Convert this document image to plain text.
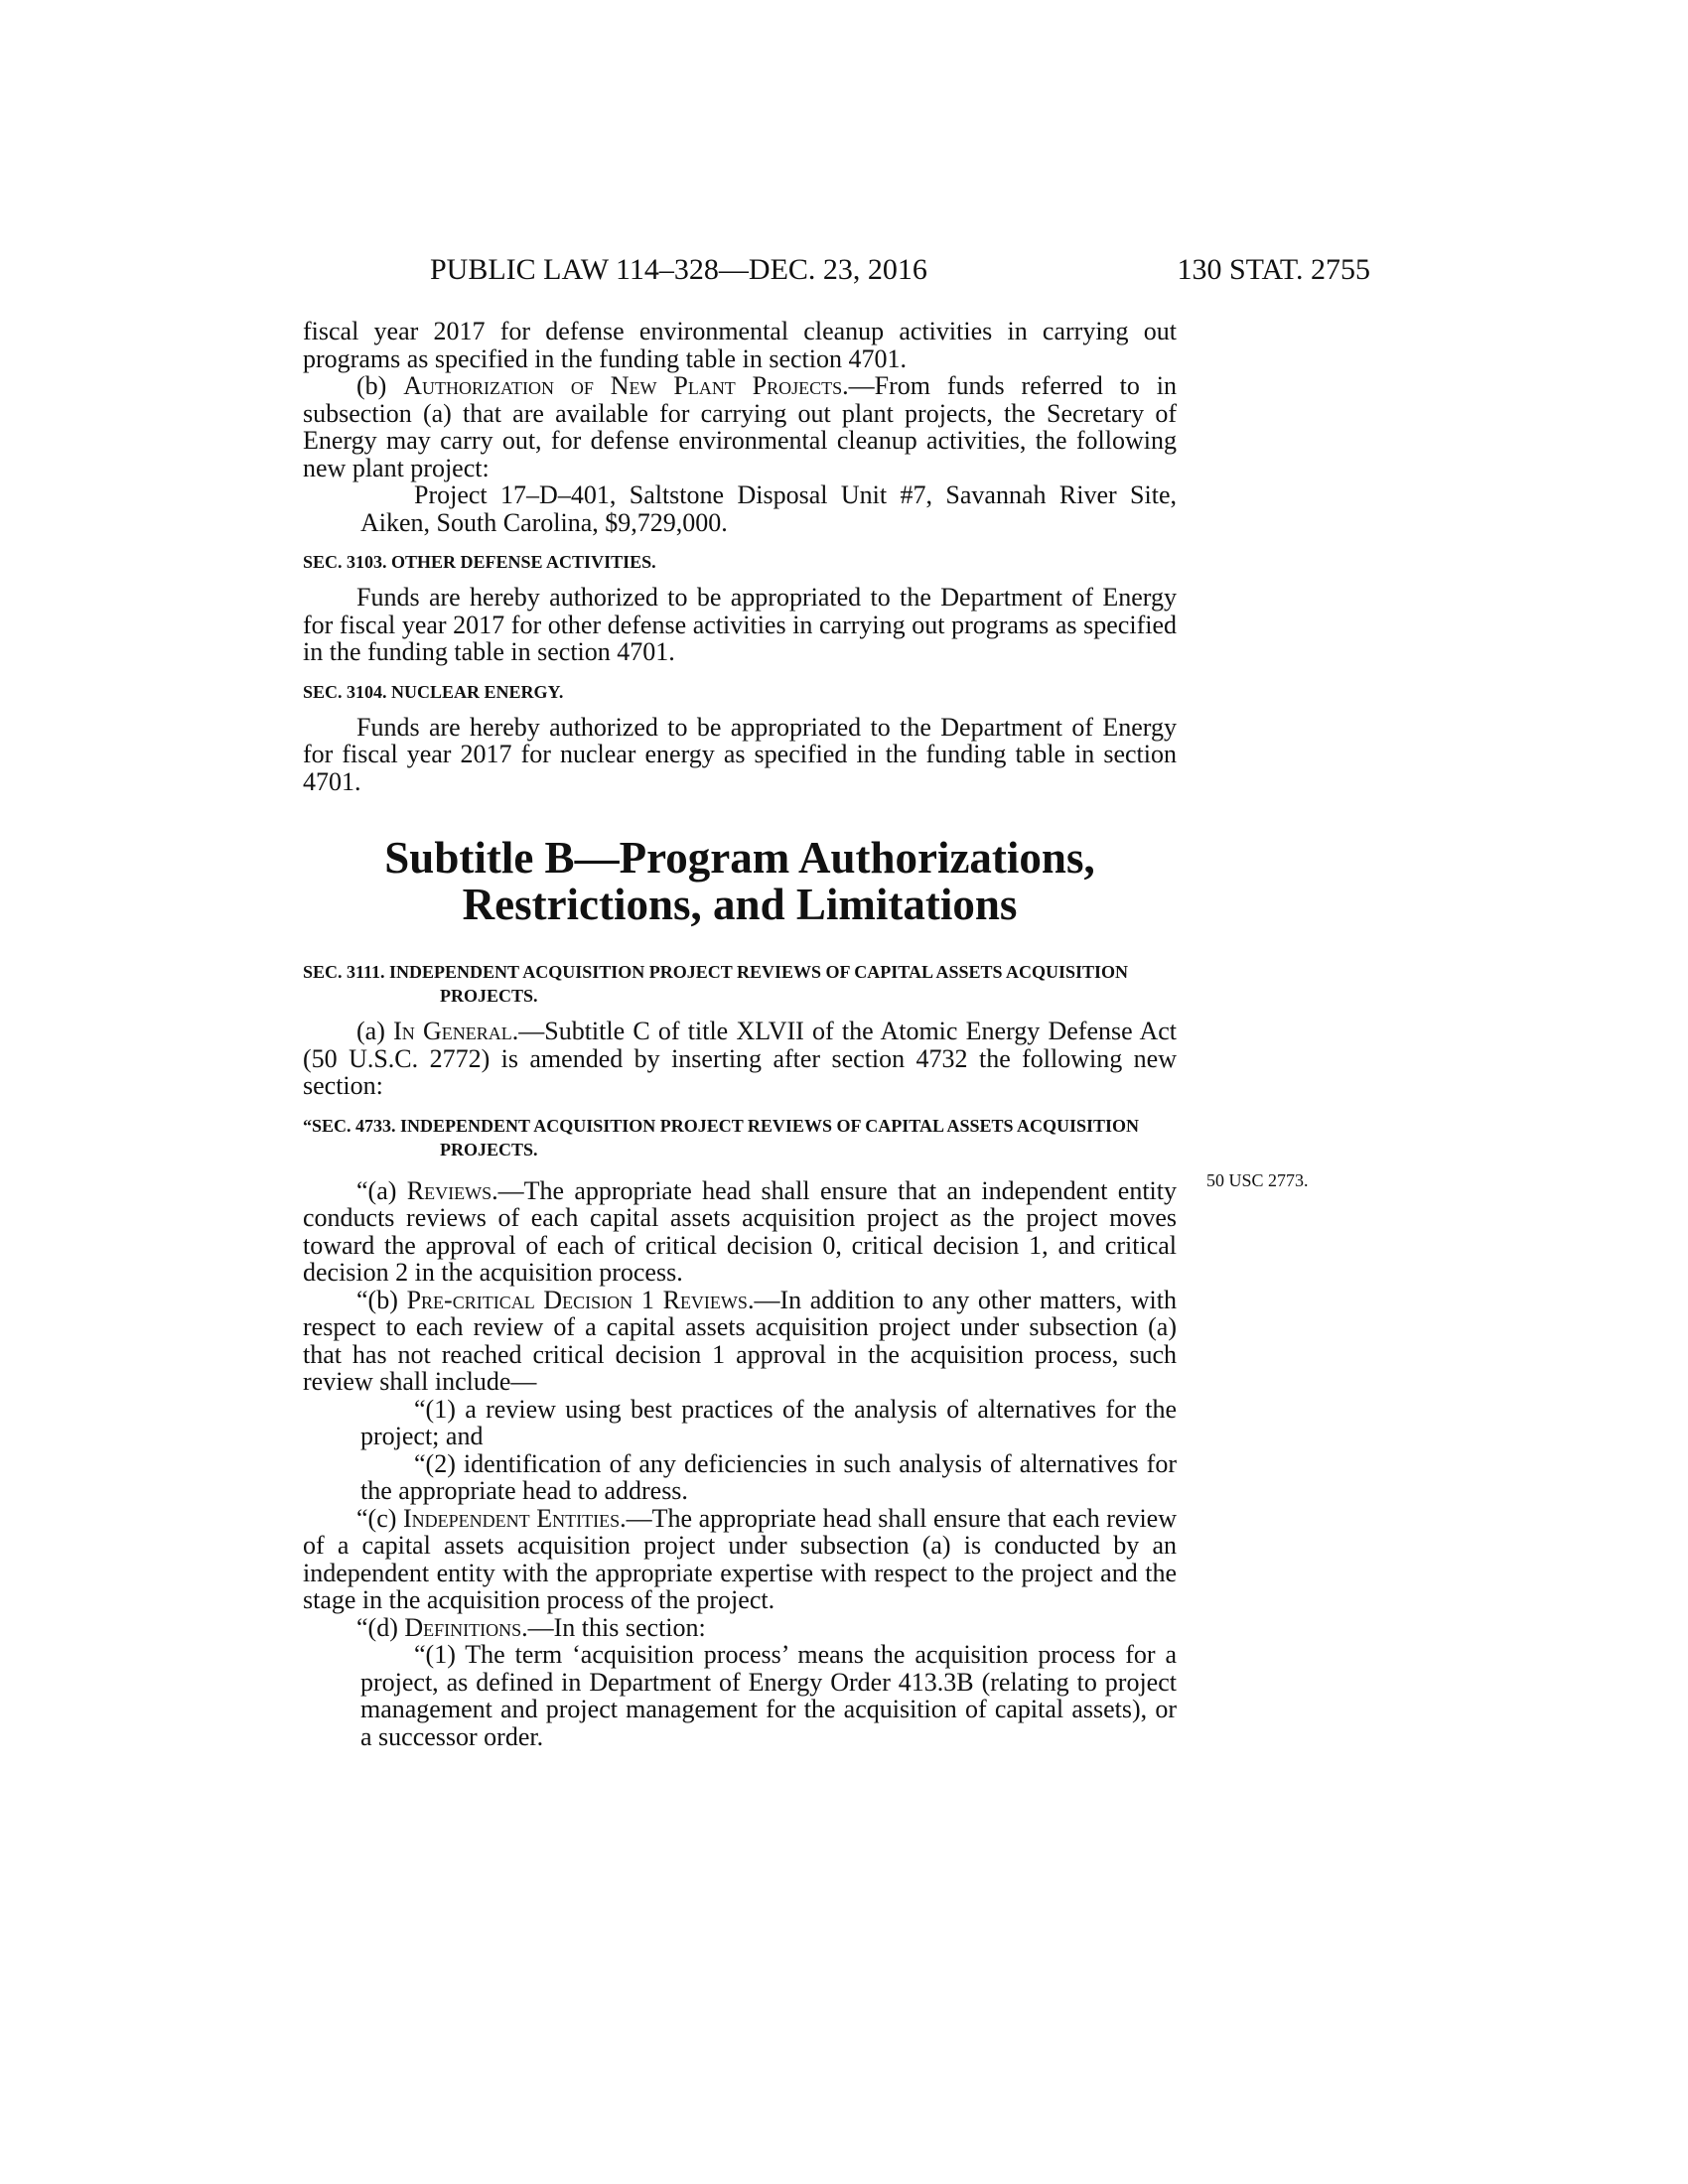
PUBLIC LAW 114–328—DEC. 23, 2016	130 STAT. 2755
50 USC 2773.

fiscal year 2017 for defense environmental cleanup activities in carrying out programs as specified in the funding table in section 4701.

(b) Authorization of New Plant Projects.—From funds referred to in subsection (a) that are available for carrying out plant projects, the Secretary of Energy may carry out, for defense environmental cleanup activities, the following new plant project:

Project 17–D–401, Saltstone Disposal Unit #7, Savannah River Site, Aiken, South Carolina, $9,729,000.

SEC. 3103. OTHER DEFENSE ACTIVITIES.

Funds are hereby authorized to be appropriated to the Department of Energy for fiscal year 2017 for other defense activities in carrying out programs as specified in the funding table in section 4701.

SEC. 3104. NUCLEAR ENERGY.

Funds are hereby authorized to be appropriated to the Department of Energy for fiscal year 2017 for nuclear energy as specified in the funding table in section 4701.

Subtitle B—Program Authorizations,
Restrictions, and Limitations
SEC. 3111. INDEPENDENT ACQUISITION PROJECT REVIEWS OF CAPITAL ASSETS ACQUISITION PROJECTS.

(a) In General.—Subtitle C of title XLVII of the Atomic Energy Defense Act (50 U.S.C. 2772) is amended by inserting after section 4732 the following new section:

“SEC. 4733. INDEPENDENT ACQUISITION PROJECT REVIEWS OF CAPITAL ASSETS ACQUISITION PROJECTS.

“(a) Reviews.—The appropriate head shall ensure that an independent entity conducts reviews of each capital assets acquisition project as the project moves toward the approval of each of critical decision 0, critical decision 1, and critical decision 2 in the acquisition process.

“(b) Pre-critical Decision 1 Reviews.—In addition to any other matters, with respect to each review of a capital assets acquisition project under subsection (a) that has not reached critical decision 1 approval in the acquisition process, such review shall include—

“(1) a review using best practices of the analysis of alternatives for the project; and

“(2) identification of any deficiencies in such analysis of alternatives for the appropriate head to address.

“(c) Independent Entities.—The appropriate head shall ensure that each review of a capital assets acquisition project under subsection (a) is conducted by an independent entity with the appropriate expertise with respect to the project and the stage in the acquisition process of the project.

“(d) Definitions.—In this section:

“(1) The term ‘acquisition process’ means the acquisition process for a project, as defined in Department of Energy Order 413.3B (relating to project management and project management for the acquisition of capital assets), or a successor order.
